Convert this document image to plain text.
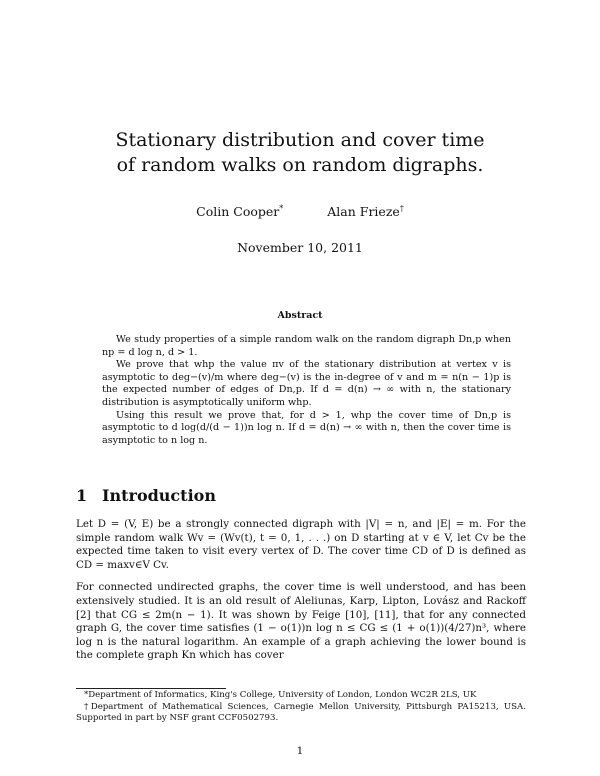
Stationary distribution and cover time
of random walks on random digraphs.
Colin Cooper*	Alan Frieze†
November 10, 2011
Abstract

We study properties of a simple random walk on the random digraph Dn,p when np = d log n, d > 1.

We prove that whp the value πv of the stationary distribution at vertex v is asymptotic to deg−(v)/m where deg−(v) is the in-degree of v and m = n(n − 1)p is the expected number of edges of Dn,p. If d = d(n) → ∞ with n, the stationary distribution is asymptotically uniform whp.

Using this result we prove that, for d > 1, whp the cover time of Dn,p is asymptotic to d log(d/(d − 1))n log n. If d = d(n) → ∞ with n, then the cover time is asymptotic to n log n.

1 Introduction

Let D = (V, E) be a strongly connected digraph with |V| = n, and |E| = m. For the simple random walk Wv = (Wv(t), t = 0, 1, . . .) on D starting at v ∈ V, let Cv be the expected time taken to visit every vertex of D. The cover time CD of D is defined as CD = maxv∈V Cv.

For connected undirected graphs, the cover time is well understood, and has been extensively studied. It is an old result of Aleliunas, Karp, Lipton, Lovász and Rackoff [2] that CG ≤ 2m(n − 1). It was shown by Feige [10], [11], that for any connected graph G, the cover time satisfies (1 − o(1))n log n ≤ CG ≤ (1 + o(1))(4/27)n³, where log n is the natural logarithm. An example of a graph achieving the lower bound is the complete graph Kn which has cover

*Department of Informatics, King's College, University of London, London WC2R 2LS, UK

†Department of Mathematical Sciences, Carnegie Mellon University, Pittsburgh PA15213, USA. Supported in part by NSF grant CCF0502793.

1
